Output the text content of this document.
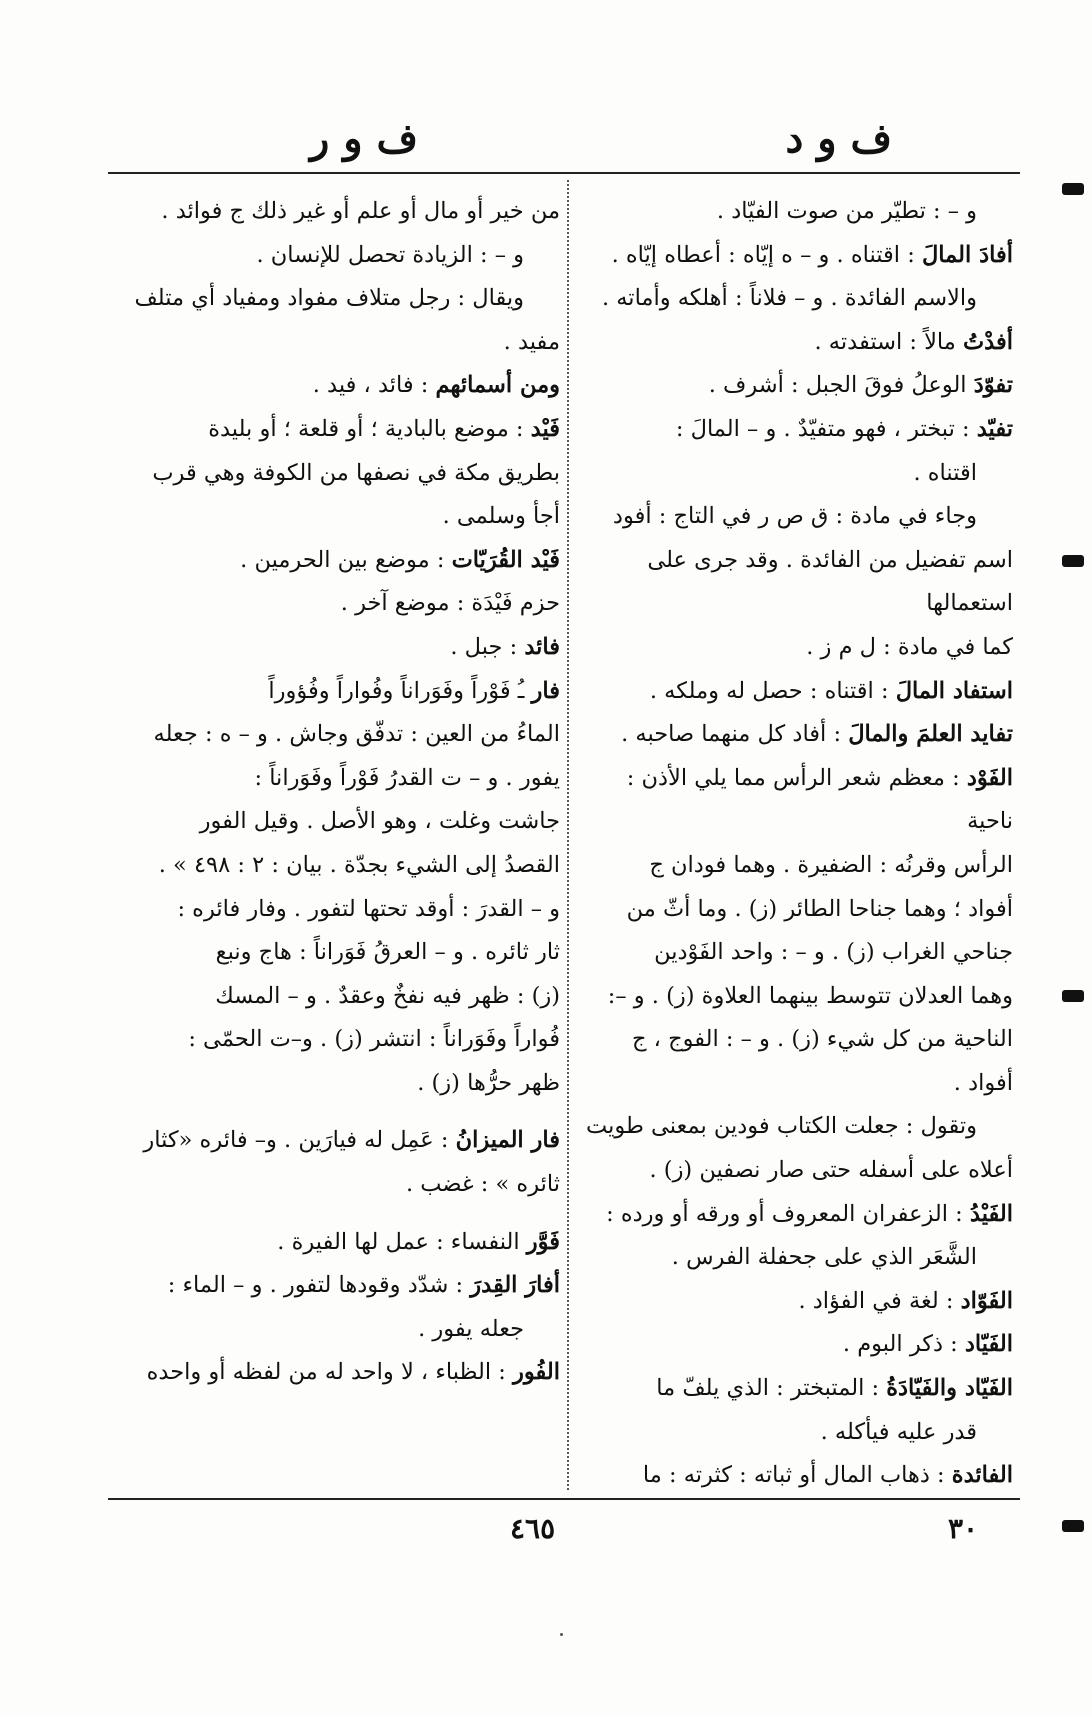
ف و د
ف و ر

و – : تطيّر من صوت الفيّاد .

أفادَ المالَ : اقتناه . و – ه إيّاه : أعطاه إيّاه .

والاسم الفائدة . و – فلاناً : أهلكه وأماته .

أفدْتُ مالاً : استفدته .

تفوّدَ الوعلُ فوقَ الجبل : أشرف .

تفيّد : تبختر ، فهو متفيّدٌ . و – المالَ :

اقتناه .

وجاء في مادة : ق ص ر في التاج : أفود

اسم تفضيل من الفائدة . وقد جرى على استعمالها

كما في مادة : ل م ز .

استفاد المالَ : اقتناه : حصل له وملكه .

تفايد العلمَ والمالَ : أفاد كل منهما صاحبه .

الفَوْد : معظم شعر الرأس مما يلي الأذن : ناحية

الرأس وقرنُه : الضفيرة . وهما فودان ج

أفواد ؛ وهما جناحا الطائر (ز) . وما أثّ من

جناحي الغراب (ز) . و – : واحد الفَوْدين

وهما العدلان تتوسط بينهما العلاوة (ز) . و –:

الناحية من كل شيء (ز) . و – : الفوج ، ج

أفواد .

وتقول : جعلت الكتاب فودين بمعنى طويت

أعلاه على أسفله حتى صار نصفين (ز) .

الفَيْدُ : الزعفران المعروف أو ورقه أو ورده :

الشَّعَر الذي على جحفلة الفرس .

الفَوّاد : لغة في الفؤاد .

الفَيّاد : ذكر البوم .

الفَيّاد والفَيّادَةُ : المتبختر : الذي يلفّ ما

قدر عليه فيأكله .

الفائدة : ذهاب المال أو ثباته : كثرته : ما

من خير أو مال أو علم أو غير ذلك ج فوائد .

و – : الزيادة تحصل للإنسان .

ويقال : رجل متلاف مفواد ومفياد أي متلف

مفيد .

ومن أسمائهم : فائد ، فيد .

فَيْد : موضع بالبادية ؛ أو قلعة ؛ أو بليدة

بطريق مكة في نصفها من الكوفة وهي قرب

أجأ وسلمى .

فَيْد القُرَيّات : موضع بين الحرمين .

حزم فَيْدَة : موضع آخر .

فائد : جبل .

فار ـُ فَوْراً وفَوَراناً وفُواراً وفُؤوراً

الماءُ من العين : تدفّق وجاش . و – ه : جعله

يفور . و – ت القدرُ فَوْراً وفَوَراناً :

جاشت وغلت ، وهو الأصل . وقيل الفور

القصدُ إلى الشيء بجدّة . بيان : ٢ : ٤٩٨ » .

و – القدرَ : أوقد تحتها لتفور . وفار فائره :

ثار ثائره . و – العرقُ فَوَراناً : هاج ونبع

(ز) : ظهر فيه نفخٌ وعقدٌ . و – المسك

فُواراً وفَوَراناً : انتشر (ز) . و–ت الحمّى :

ظهر حرُّها (ز) .

فار الميزانُ : عَمِل له فيارَين . و– فائره «كثار

ثائره » : غضب .

فَوَّر النفساء : عمل لها الفيرة .

أفارَ القِدرَ : شدّد وقودها لتفور . و – الماء :

جعله يفور .

الفُور : الظباء ، لا واحد له من لفظه أو واحده

٤٦٥	٣٠
